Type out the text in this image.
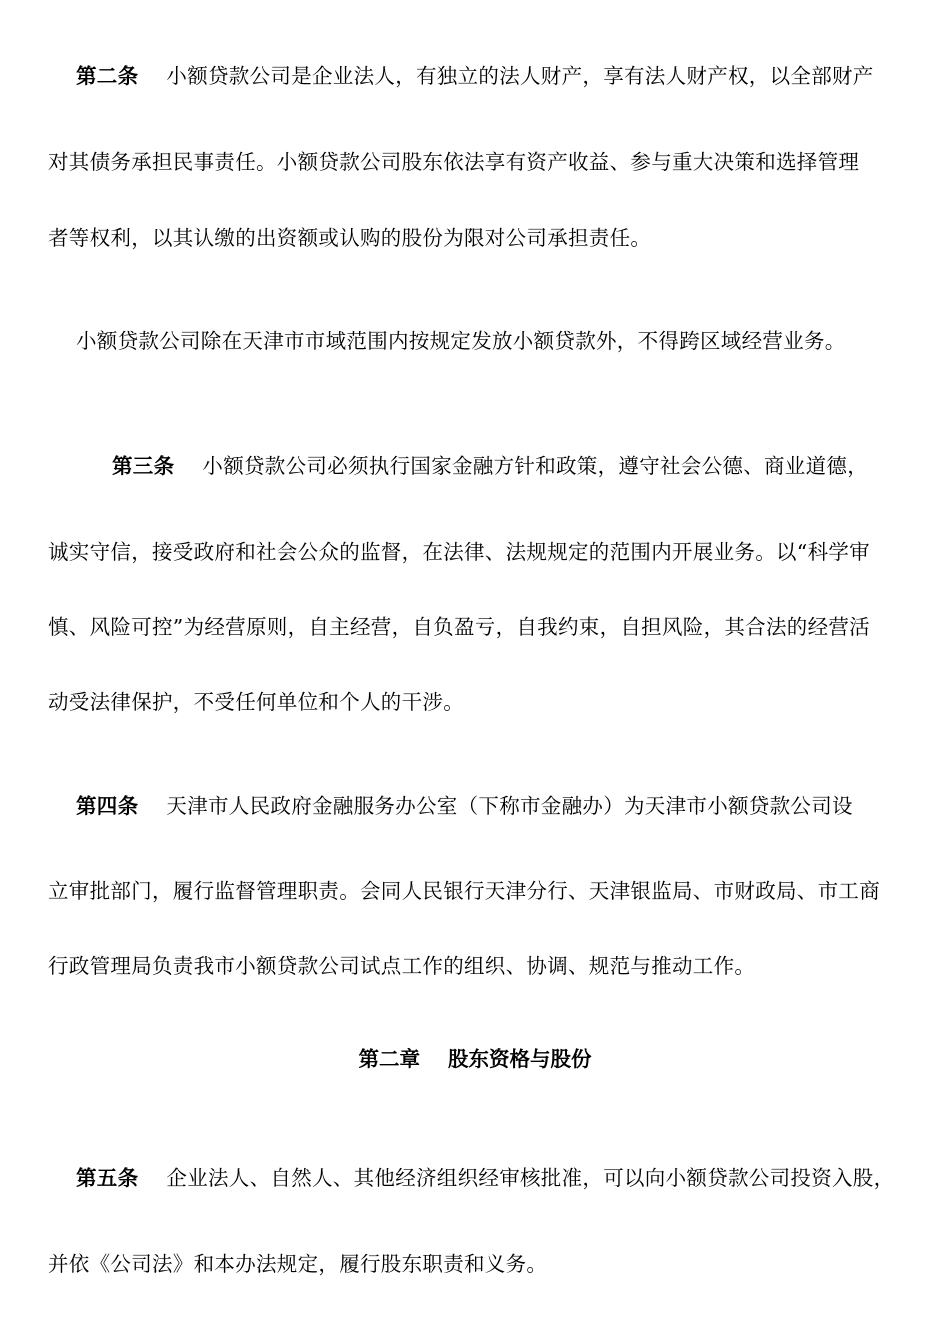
第二条 小额贷款公司是企业法人，有独立的法人财产，享有法人财产权，以全部财产
对其债务承担民事责任。小额贷款公司股东依法享有资产收益、参与重大决策和选择管理
者等权利，以其认缴的出资额或认购的股份为限对公司承担责任。
小额贷款公司除在天津市市域范围内按规定发放小额贷款外，不得跨区域经营业务。
第三条 小额贷款公司必须执行国家金融方针和政策，遵守社会公德、商业道德，
诚实守信，接受政府和社会公众的监督，在法律、法规规定的范围内开展业务。以“科学审
慎、风险可控”为经营原则，自主经营，自负盈亏，自我约束，自担风险，其合法的经营活
动受法律保护，不受任何单位和个人的干涉。
第四条 天津市人民政府金融服务办公室（下称市金融办）为天津市小额贷款公司设
立审批部门，履行监督管理职责。会同人民银行天津分行、天津银监局、市财政局、市工商
行政管理局负责我市小额贷款公司试点工作的组织、协调、规范与推动工作。
第二章 股东资格与股份
第五条 企业法人、自然人、其他经济组织经审核批准，可以向小额贷款公司投资入股，
并依《公司法》和本办法规定，履行股东职责和义务。
